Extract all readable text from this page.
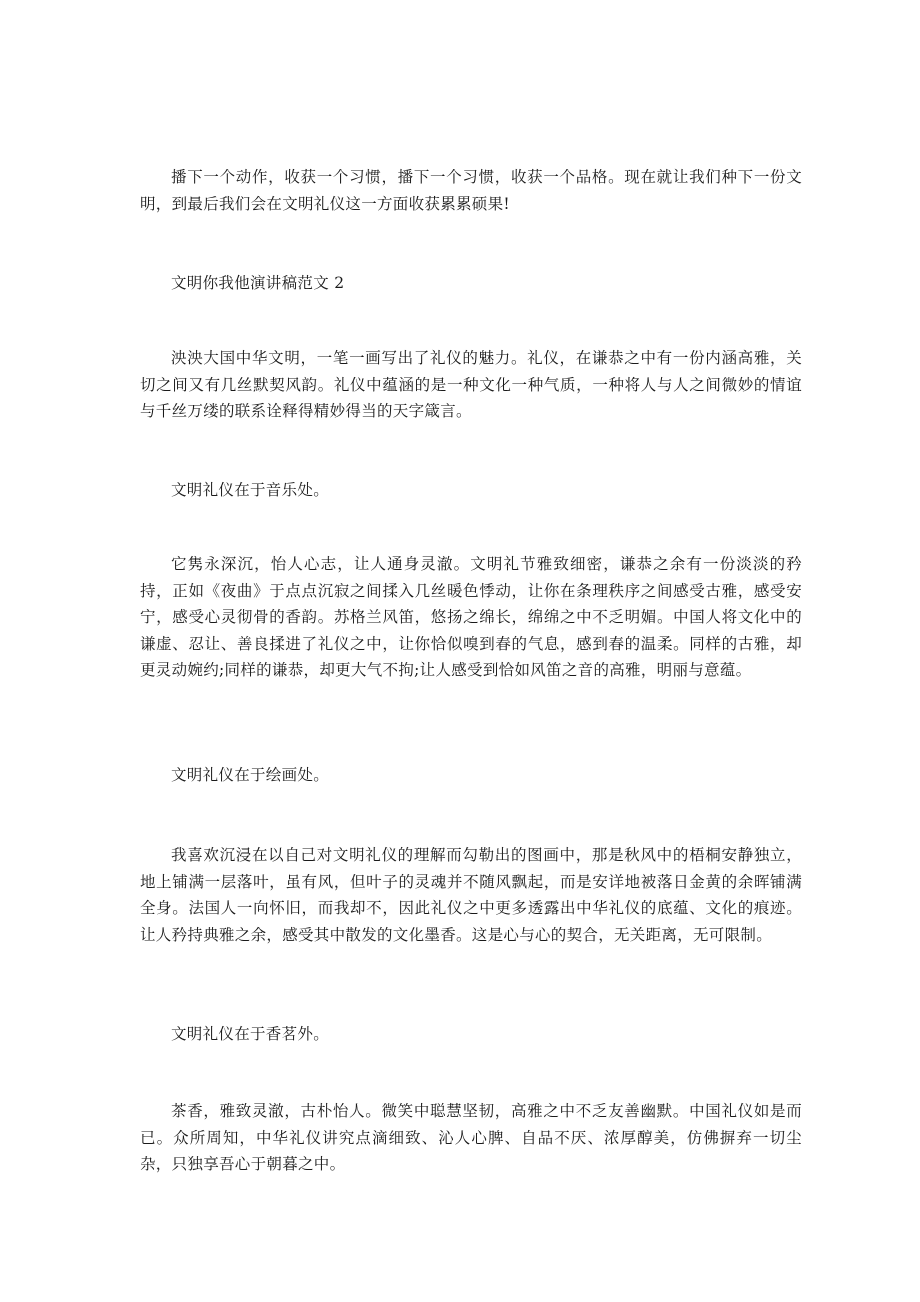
播下一个动作，收获一个习惯，播下一个习惯，收获一个品格。现在就让我们种下一份文明，到最后我们会在文明礼仪这一方面收获累累硕果!

文明你我他演讲稿范文 2

泱泱大国中华文明，一笔一画写出了礼仪的魅力。礼仪，在谦恭之中有一份内涵高雅，关切之间又有几丝默契风韵。礼仪中蕴涵的是一种文化一种气质，一种将人与人之间微妙的情谊与千丝万缕的联系诠释得精妙得当的天字箴言。

文明礼仪在于音乐处。

它隽永深沉，怡人心志，让人通身灵澈。文明礼节雅致细密，谦恭之余有一份淡淡的矜持，正如《夜曲》于点点沉寂之间揉入几丝暖色悸动，让你在条理秩序之间感受古雅，感受安宁，感受心灵彻骨的香韵。苏格兰风笛，悠扬之绵长，绵绵之中不乏明媚。中国人将文化中的谦虚、忍让、善良揉进了礼仪之中，让你恰似嗅到春的气息，感到春的温柔。同样的古雅，却更灵动婉约;同样的谦恭，却更大气不拘;让人感受到恰如风笛之音的高雅，明丽与意蕴。

文明礼仪在于绘画处。

我喜欢沉浸在以自己对文明礼仪的理解而勾勒出的图画中，那是秋风中的梧桐安静独立，地上铺满一层落叶，虽有风，但叶子的灵魂并不随风飘起，而是安详地被落日金黄的余晖铺满全身。法国人一向怀旧，而我却不，因此礼仪之中更多透露出中华礼仪的底蕴、文化的痕迹。让人矜持典雅之余，感受其中散发的文化墨香。这是心与心的契合，无关距离，无可限制。

文明礼仪在于香茗外。

茶香，雅致灵澈，古朴怡人。微笑中聪慧坚韧，高雅之中不乏友善幽默。中国礼仪如是而已。众所周知，中华礼仪讲究点滴细致、沁人心脾、自品不厌、浓厚醇美，仿佛摒弃一切尘杂，只独享吾心于朝暮之中。
